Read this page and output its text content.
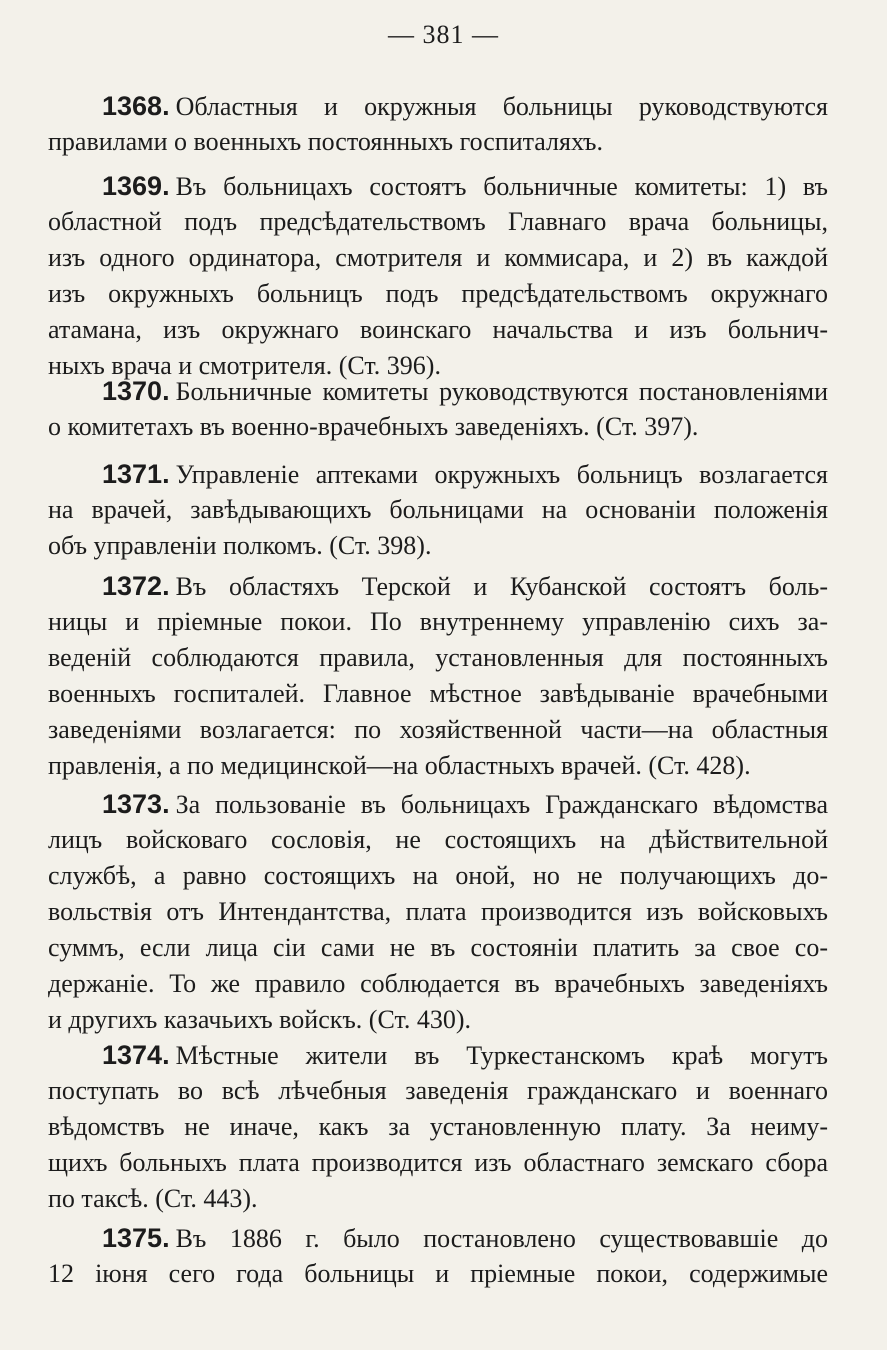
— 381 —

1368. Областныя и окружныя больницы руководствуются
правилами о военныхъ постоянныхъ госпиталяхъ.

1369. Въ больницахъ состоятъ больничные комитеты: 1) въ
областной подъ предсѣдательствомъ Главнаго врача больницы,
изъ одного ординатора, смотрителя и коммисара, и 2) въ каждой
изъ окружныхъ больницъ подъ предсѣдательствомъ окружнаго
атамана, изъ окружнаго воинскаго начальства и изъ больнич-
ныхъ врача и смотрителя. (Ст. 396).

1370. Больничные комитеты руководствуются постановленіями
о комитетахъ въ военно-врачебныхъ заведеніяхъ. (Ст. 397).

1371. Управленіе аптеками окружныхъ больницъ возлагается
на врачей, завѣдывающихъ больницами на основаніи положенія
объ управленіи полкомъ. (Ст. 398).

1372. Въ областяхъ Терской и Кубанской состоятъ боль-
ницы и пріемные покои. По внутреннему управленію сихъ за-
веденій соблюдаются правила, установленныя для постоянныхъ
военныхъ госпиталей. Главное мѣстное завѣдываніе врачебными
заведеніями возлагается: по хозяйственной части—на областныя
правленія, а по медицинской—на областныхъ врачей. (Ст. 428).

1373. За пользованіе въ больницахъ Гражданскаго вѣдомства
лицъ войсковаго сословія, не состоящихъ на дѣйствительной
службѣ, а равно состоящихъ на оной, но не получающихъ до-
вольствія отъ Интендантства, плата производится изъ войсковыхъ
суммъ, если лица сіи сами не въ состояніи платить за свое со-
держаніе. То же правило соблюдается въ врачебныхъ заведеніяхъ
и другихъ казачьихъ войскъ. (Ст. 430).

1374. Мѣстные жители въ Туркестанскомъ краѣ могутъ
поступать во всѣ лѣчебныя заведенія гражданскаго и военнаго
вѣдомствъ не иначе, какъ за установленную плату. За неиму-
щихъ больныхъ плата производится изъ областнаго земскаго сбора
по таксѣ. (Ст. 443).

1375. Въ 1886 г. было постановлено существовавшіе до
12 іюня сего года больницы и пріемные покои, содержимые
